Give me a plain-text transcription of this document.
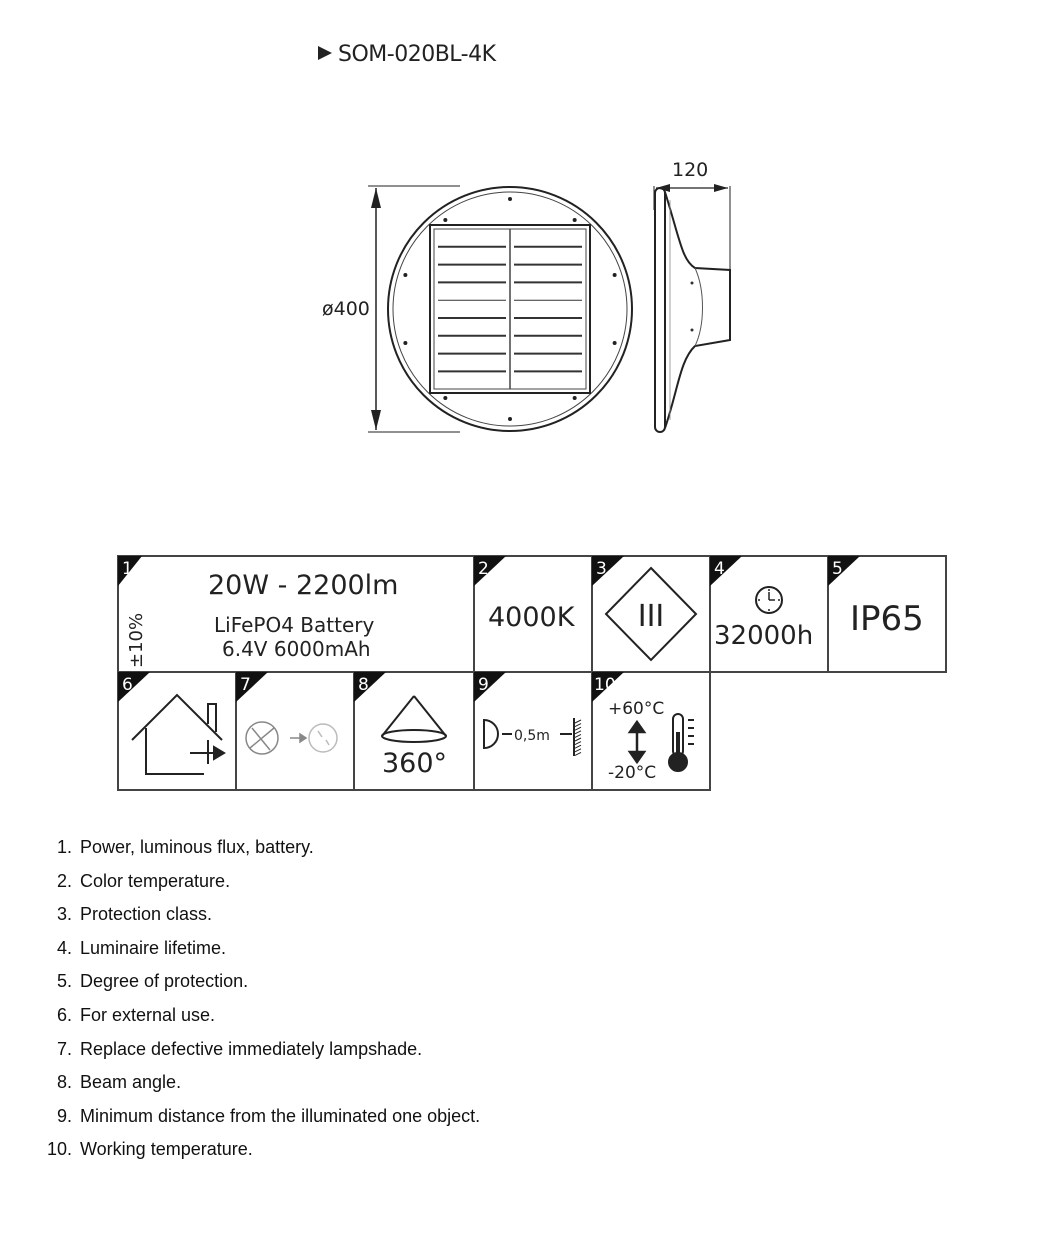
SOM-020BL-4K
ø400
120
1
20W - 2200lm
LiFePO4 Battery
6.4V 6000mAh
±10%
2
4000K
3
III
4
32000h
5
IP65
6	7	8
360°
9
0,5m
10
+60°C
-20°C
1. Power, luminous flux, battery.
2. Color temperature.
3. Protection class.
4. Luminaire lifetime.
5. Degree of protection.
6. For external use.
7. Replace defective immediately lampshade.
8. Beam angle.
9. Minimum distance from the illuminated one object.
10. Working temperature.
